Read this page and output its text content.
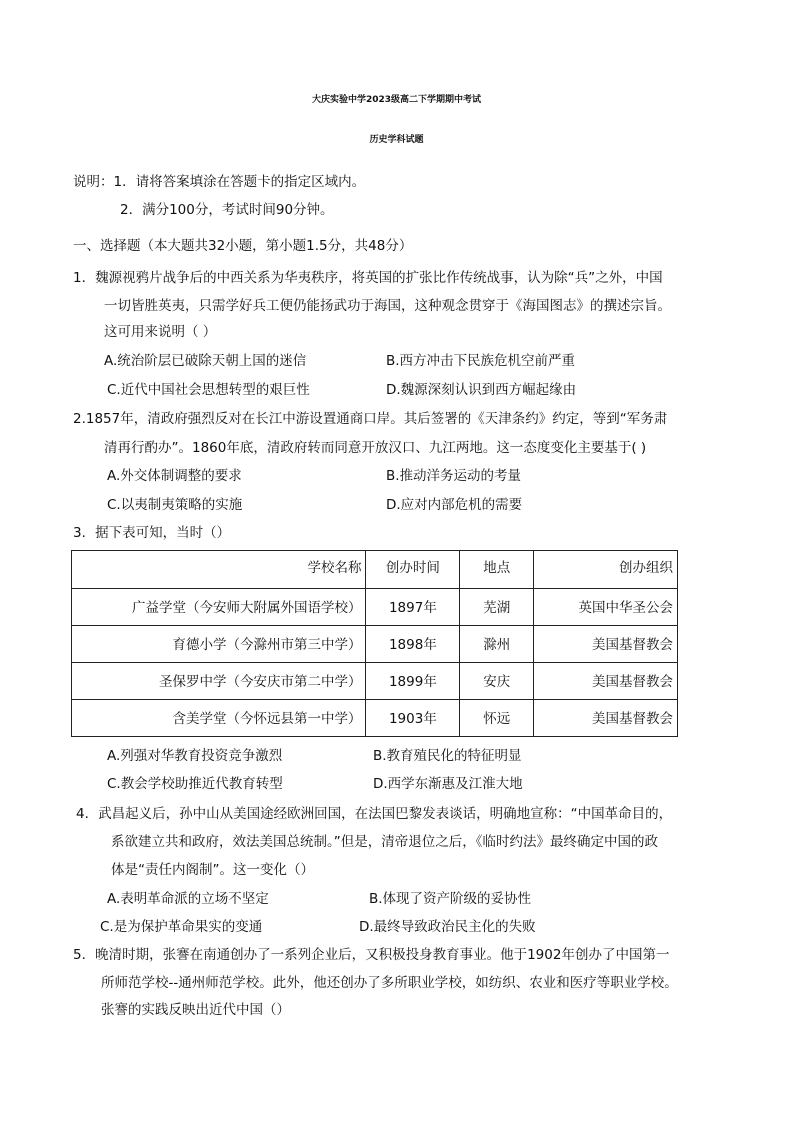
大庆实验中学2023级高二下学期期中考试
历史学科试题
说明：1．请将答案填涂在答题卡的指定区域内。
2．满分100分，考试时间90分钟。
一、选择题（本大题共32小题，第小题1.5分，共48分）
1．魏源视鸦片战争后的中西关系为华夷秩序，将英国的扩张比作传统战事，认为除“兵”之外，中国
一切皆胜英夷，只需学好兵工便仍能扬武功于海国，这种观念贯穿于《海国图志》的撰述宗旨。
这可用来说明（ ）
A.统治阶层已破除天朝上国的迷信	B.西方冲击下民族危机空前严重
C.近代中国社会思想转型的艰巨性	D.魏源深刻认识到西方崛起缘由
2.1857年，清政府强烈反对在长江中游设置通商口岸。其后签署的《天津条约》约定，等到“军务肃
清再行酌办”。1860年底，清政府转而同意开放汉口、九江两地。这一态度变化主要基于( )
A.外交体制调整的要求	B.推动洋务运动的考量
C.以夷制夷策略的实施	D.应对内部危机的需要
3．据下表可知，当时（）
学校名称	创办时间	地点	创办组织
广益学堂（今安师大附属外国语学校）	1897年	芜湖	英国中华圣公会
育德小学（今滁州市第三中学）	1898年	滁州	美国基督教会
圣保罗中学（今安庆市第二中学）	1899年	安庆	美国基督教会
含美学堂（今怀远县第一中学）	1903年	怀远	美国基督教会
A.列强对华教育投资竞争激烈	B.教育殖民化的特征明显
C.教会学校助推近代教育转型	D.西学东渐惠及江淮大地
4．武昌起义后，孙中山从美国途经欧洲回国，在法国巴黎发表谈话，明确地宣称：“中国革命目的，
系欲建立共和政府，效法美国总统制。”但是，清帝退位之后，《临时约法》最终确定中国的政
体是“责任内阁制”。这一变化（）
A.表明革命派的立场不坚定	B.体现了资产阶级的妥协性
C.是为保护革命果实的变通	D.最终导致政治民主化的失败
5．晚清时期，张謇在南通创办了一系列企业后，又积极投身教育事业。他于1902年创办了中国第一
所师范学校--通州师范学校。此外，他还创办了多所职业学校，如纺织、农业和医疗等职业学校。
张謇的实践反映出近代中国（）
